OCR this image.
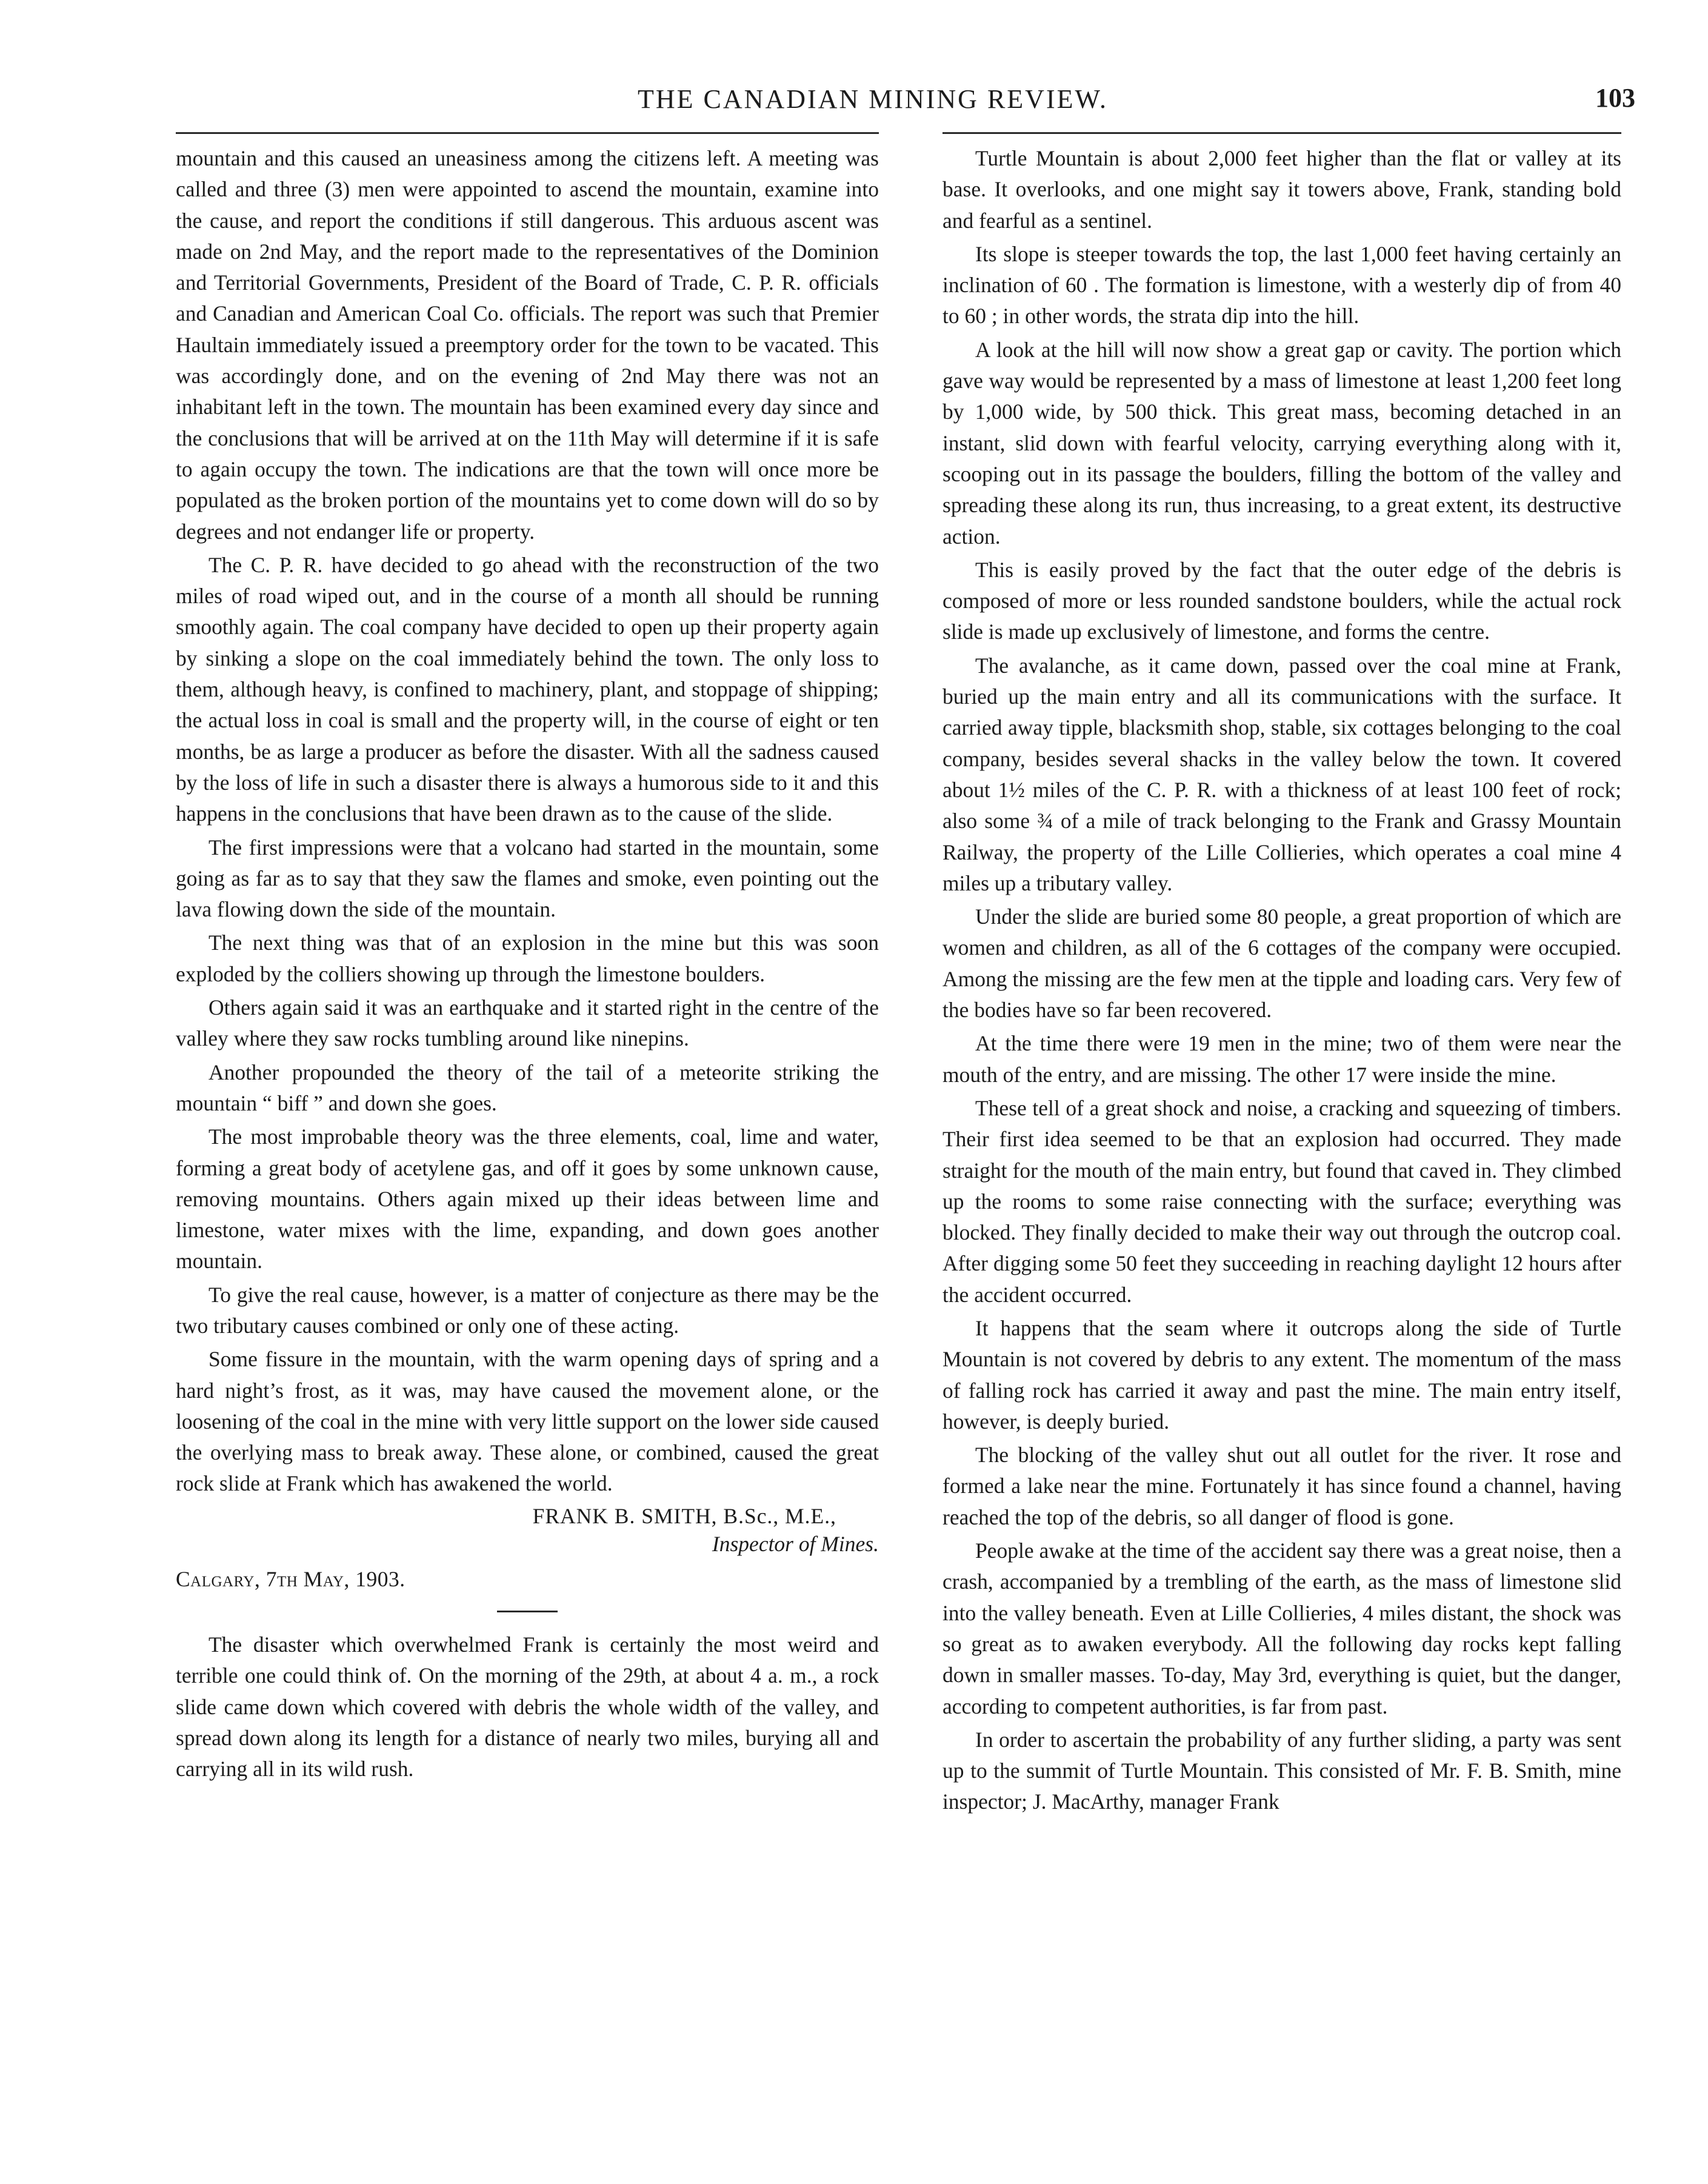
THE CANADIAN MINING REVIEW.	103

mountain and this caused an uneasiness among the citizens left. A meeting was called and three (3) men were appointed to ascend the mountain, examine into the cause, and report the conditions if still dangerous. This arduous ascent was made on 2nd May, and the report made to the representatives of the Dominion and Territorial Governments, President of the Board of Trade, C. P. R. officials and Canadian and American Coal Co. officials. The report was such that Premier Haultain immediately issued a preemptory order for the town to be vacated. This was accordingly done, and on the evening of 2nd May there was not an inhabitant left in the town. The mountain has been examined every day since and the conclusions that will be arrived at on the 11th May will determine if it is safe to again occupy the town. The indications are that the town will once more be populated as the broken portion of the mountains yet to come down will do so by degrees and not endanger life or property.

The C. P. R. have decided to go ahead with the reconstruction of the two miles of road wiped out, and in the course of a month all should be running smoothly again. The coal company have decided to open up their property again by sinking a slope on the coal immediately behind the town. The only loss to them, although heavy, is confined to machinery, plant, and stoppage of shipping; the actual loss in coal is small and the property will, in the course of eight or ten months, be as large a producer as before the disaster. With all the sadness caused by the loss of life in such a disaster there is always a humorous side to it and this happens in the conclusions that have been drawn as to the cause of the slide.

The first impressions were that a volcano had started in the mountain, some going as far as to say that they saw the flames and smoke, even pointing out the lava flowing down the side of the mountain.

The next thing was that of an explosion in the mine but this was soon exploded by the colliers showing up through the limestone boulders.

Others again said it was an earthquake and it started right in the centre of the valley where they saw rocks tumbling around like ninepins.

Another propounded the theory of the tail of a meteorite striking the mountain “ biff ” and down she goes.

The most improbable theory was the three elements, coal, lime and water, forming a great body of acetylene gas, and off it goes by some unknown cause, removing mountains. Others again mixed up their ideas between lime and limestone, water mixes with the lime, expanding, and down goes another mountain.

To give the real cause, however, is a matter of conjecture as there may be the two tributary causes combined or only one of these acting.

Some fissure in the mountain, with the warm opening days of spring and a hard night’s frost, as it was, may have caused the movement alone, or the loosening of the coal in the mine with very little support on the lower side caused the overlying mass to break away. These alone, or combined, caused the great rock slide at Frank which has awakened the world.

FRANK B. SMITH, B.Sc., M.E.,
Inspector of Mines.
Calgary, 7th May, 1903.

The disaster which overwhelmed Frank is certainly the most weird and terrible one could think of. On the morning of the 29th, at about 4 a. m., a rock slide came down which covered with debris the whole width of the valley, and spread down along its length for a distance of nearly two miles, burying all and carrying all in its wild rush.

Turtle Mountain is about 2,000 feet higher than the flat or valley at its base. It overlooks, and one might say it towers above, Frank, standing bold and fearful as a sentinel.

Its slope is steeper towards the top, the last 1,000 feet having certainly an inclination of 60 . The formation is limestone, with a westerly dip of from 40 to 60 ; in other words, the strata dip into the hill.

A look at the hill will now show a great gap or cavity. The portion which gave way would be represented by a mass of limestone at least 1,200 feet long by 1,000 wide, by 500 thick. This great mass, becoming detached in an instant, slid down with fearful velocity, carrying everything along with it, scooping out in its passage the boulders, filling the bottom of the valley and spreading these along its run, thus increasing, to a great extent, its destructive action.

This is easily proved by the fact that the outer edge of the debris is composed of more or less rounded sandstone boulders, while the actual rock slide is made up exclusively of limestone, and forms the centre.

The avalanche, as it came down, passed over the coal mine at Frank, buried up the main entry and all its communications with the surface. It carried away tipple, blacksmith shop, stable, six cottages belonging to the coal company, besides several shacks in the valley below the town. It covered about 1½ miles of the C. P. R. with a thickness of at least 100 feet of rock; also some ¾ of a mile of track belonging to the Frank and Grassy Mountain Railway, the property of the Lille Collieries, which operates a coal mine 4 miles up a tributary valley.

Under the slide are buried some 80 people, a great proportion of which are women and children, as all of the 6 cottages of the company were occupied. Among the missing are the few men at the tipple and loading cars. Very few of the bodies have so far been recovered.

At the time there were 19 men in the mine; two of them were near the mouth of the entry, and are missing. The other 17 were inside the mine.

These tell of a great shock and noise, a cracking and squeezing of timbers. Their first idea seemed to be that an explosion had occurred. They made straight for the mouth of the main entry, but found that caved in. They climbed up the rooms to some raise connecting with the surface; everything was blocked. They finally decided to make their way out through the outcrop coal. After digging some 50 feet they succeeding in reaching daylight 12 hours after the accident occurred.

It happens that the seam where it outcrops along the side of Turtle Mountain is not covered by debris to any extent. The momentum of the mass of falling rock has carried it away and past the mine. The main entry itself, however, is deeply buried.

The blocking of the valley shut out all outlet for the river. It rose and formed a lake near the mine. Fortunately it has since found a channel, having reached the top of the debris, so all danger of flood is gone.

People awake at the time of the accident say there was a great noise, then a crash, accompanied by a trembling of the earth, as the mass of limestone slid into the valley beneath. Even at Lille Collieries, 4 miles distant, the shock was so great as to awaken everybody. All the following day rocks kept falling down in smaller masses. To-day, May 3rd, everything is quiet, but the danger, according to competent authorities, is far from past.

In order to ascertain the probability of any further sliding, a party was sent up to the summit of Turtle Mountain. This consisted of Mr. F. B. Smith, mine inspector; J. MacArthy, manager Frank
